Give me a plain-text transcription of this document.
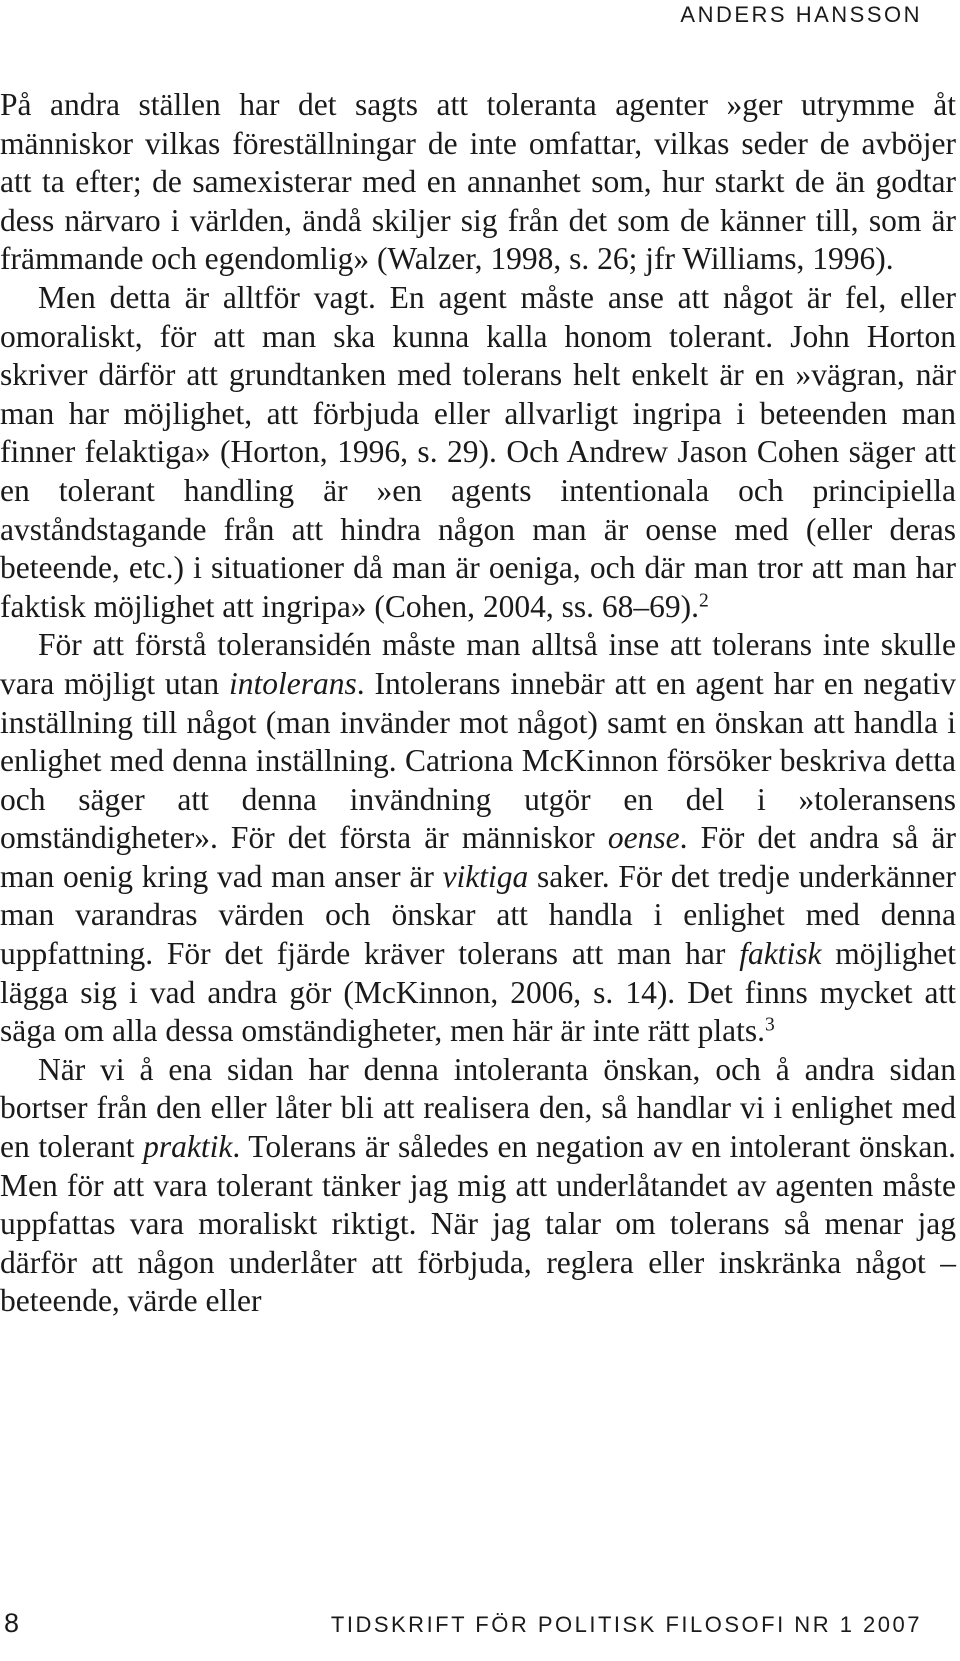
ANDERS HANSSON

På andra ställen har det sagts att toleranta agenter »ger utrymme åt människor vilkas föreställningar de inte omfattar, vilkas seder de avböjer att ta efter; de samexisterar med en annanhet som, hur starkt de än godtar dess närvaro i världen, ändå skiljer sig från det som de känner till, som är främmande och egendomlig» (Walzer, 1998, s. 26; jfr Williams, 1996).

Men detta är alltför vagt. En agent måste anse att något är fel, eller omoraliskt, för att man ska kunna kalla honom tolerant. John Horton skriver därför att grundtanken med tolerans helt enkelt är en »vägran, när man har möjlighet, att förbjuda eller allvarligt ingripa i beteenden man finner felaktiga» (Horton, 1996, s. 29). Och Andrew Jason Cohen säger att en tolerant handling är »en agents intentionala och principiella avståndstagande från att hindra någon man är oense med (eller deras beteende, etc.) i situationer då man är oeniga, och där man tror att man har faktisk möjlighet att ingripa» (Cohen, 2004, ss. 68–69).$^2$

För att förstå toleransidén måste man alltså inse att tolerans inte skulle vara möjligt utan intolerans. Intolerans innebär att en agent har en negativ inställning till något (man invänder mot något) samt en önskan att handla i enlighet med denna inställning. Catriona McKinnon försöker beskriva detta och säger att denna invändning utgör en del i »toleransens omständigheter». För det första är människor oense. För det andra så är man oenig kring vad man anser är viktiga saker. För det tredje underkänner man varandras värden och önskar att handla i enlighet med denna uppfattning. För det fjärde kräver tolerans att man har faktisk möjlighet lägga sig i vad andra gör (McKinnon, 2006, s. 14). Det finns mycket att säga om alla dessa omständigheter, men här är inte rätt plats.$^3$

När vi å ena sidan har denna intoleranta önskan, och å andra sidan bortser från den eller låter bli att realisera den, så handlar vi i enlighet med en tolerant praktik. Tolerans är således en negation av en intolerant önskan. Men för att vara tolerant tänker jag mig att underlåtandet av agenten måste uppfattas vara moraliskt riktigt. När jag talar om tolerans så menar jag därför att någon underlåter att förbjuda, reglera eller inskränka något – beteende, värde eller

8	TIDSKRIFT FÖR POLITISK FILOSOFI NR 1 2007
